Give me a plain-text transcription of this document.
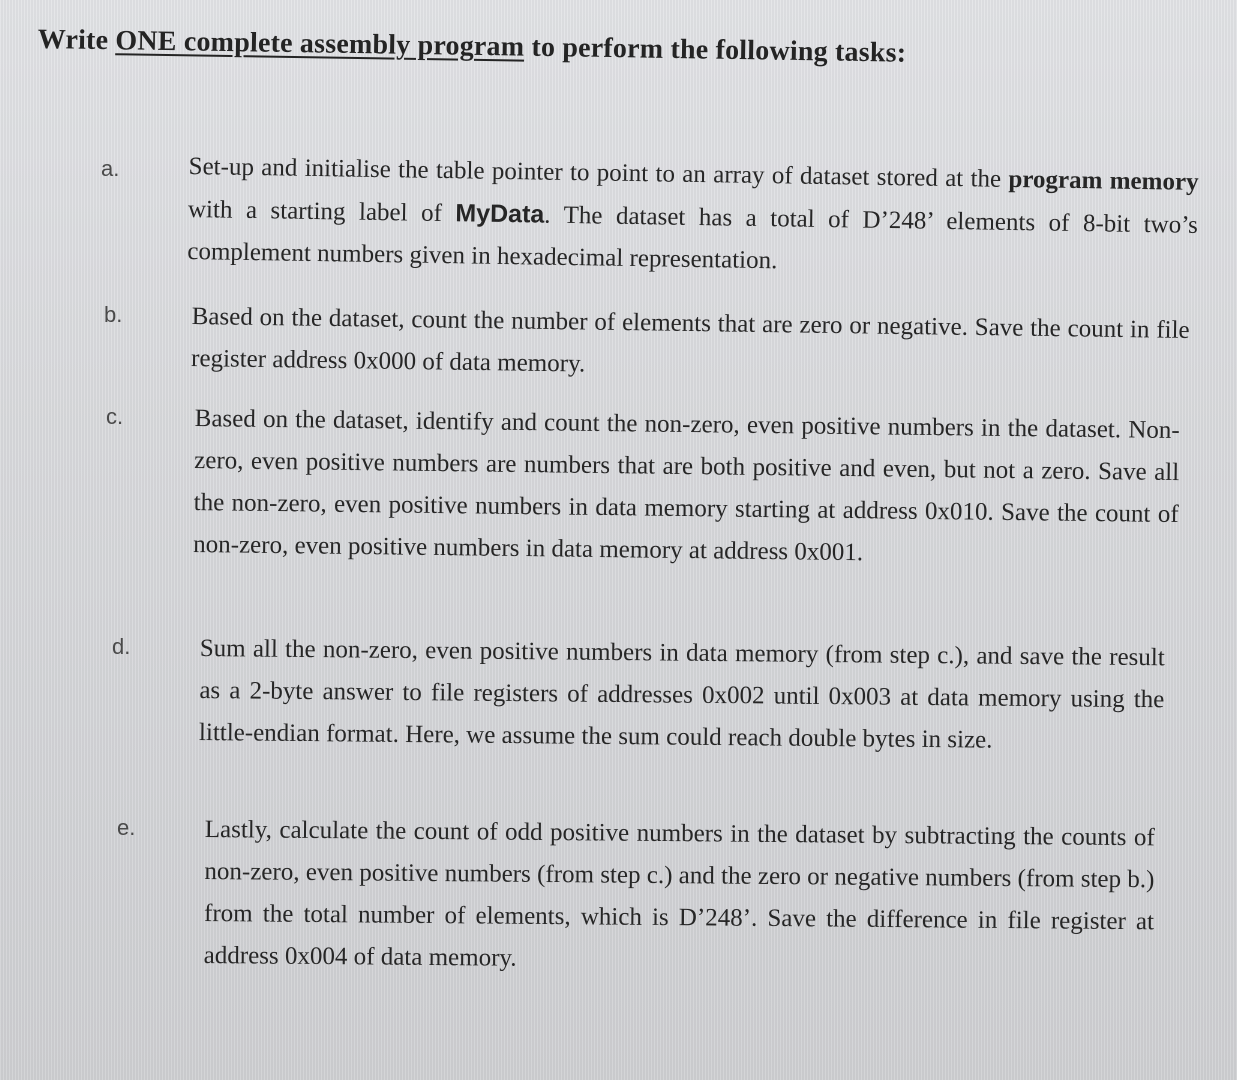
Write ONE complete assembly program to perform the following tasks:
a.	Set-up and initialise the table pointer to point to an array of dataset stored at the program memory with a starting label of MyData. The dataset has a total of D’248’ elements of 8-bit two’s complement numbers given in hexadecimal representation.
b.	Based on the dataset, count the number of elements that are zero or negative. Save the count in file register address 0x000 of data memory.
c.	Based on the dataset, identify and count the non-zero, even positive numbers in the dataset. Non-zero, even positive numbers are numbers that are both positive and even, but not a zero. Save all the non-zero, even positive numbers in data memory starting at address 0x010. Save the count of non-zero, even positive numbers in data memory at address 0x001.
d.	Sum all the non-zero, even positive numbers in data memory (from step c.), and save the result as a 2-byte answer to file registers of addresses 0x002 until 0x003 at data memory using the little-endian format. Here, we assume the sum could reach double bytes in size.
e.	Lastly, calculate the count of odd positive numbers in the dataset by subtracting the counts of non-zero, even positive numbers (from step c.) and the zero or negative numbers (from step b.) from the total number of elements, which is D’248’. Save the difference in file register at address 0x004 of data memory.
